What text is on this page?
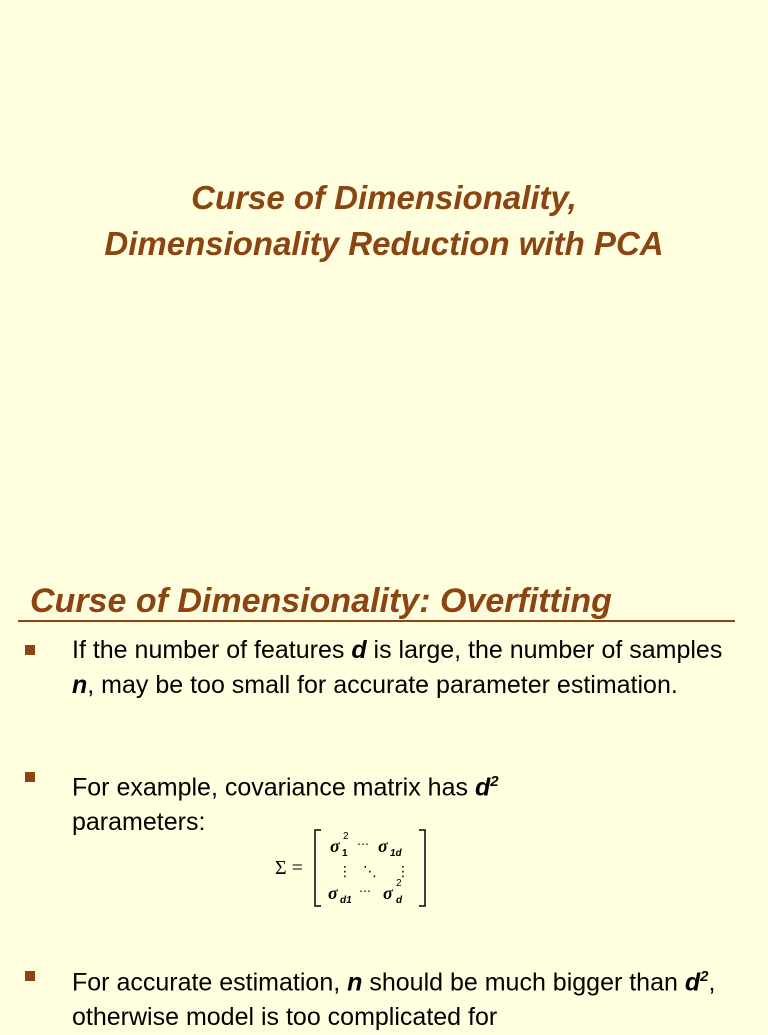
Curse of Dimensionality,
Dimensionality Reduction with PCA
Curse of Dimensionality: Overfitting

If the number of features d is large, the number of samples n, may be too small for accurate parameter estimation.

For example, covariance matrix has $d^2$
parameters:

Σ =
σ 2
1
⋯ σ 1d
⋮ ⋱ ⋮
σ d1
⋯ σ 2
d

For accurate estimation, n should be much bigger than $d^2$, otherwise model is too complicated for
